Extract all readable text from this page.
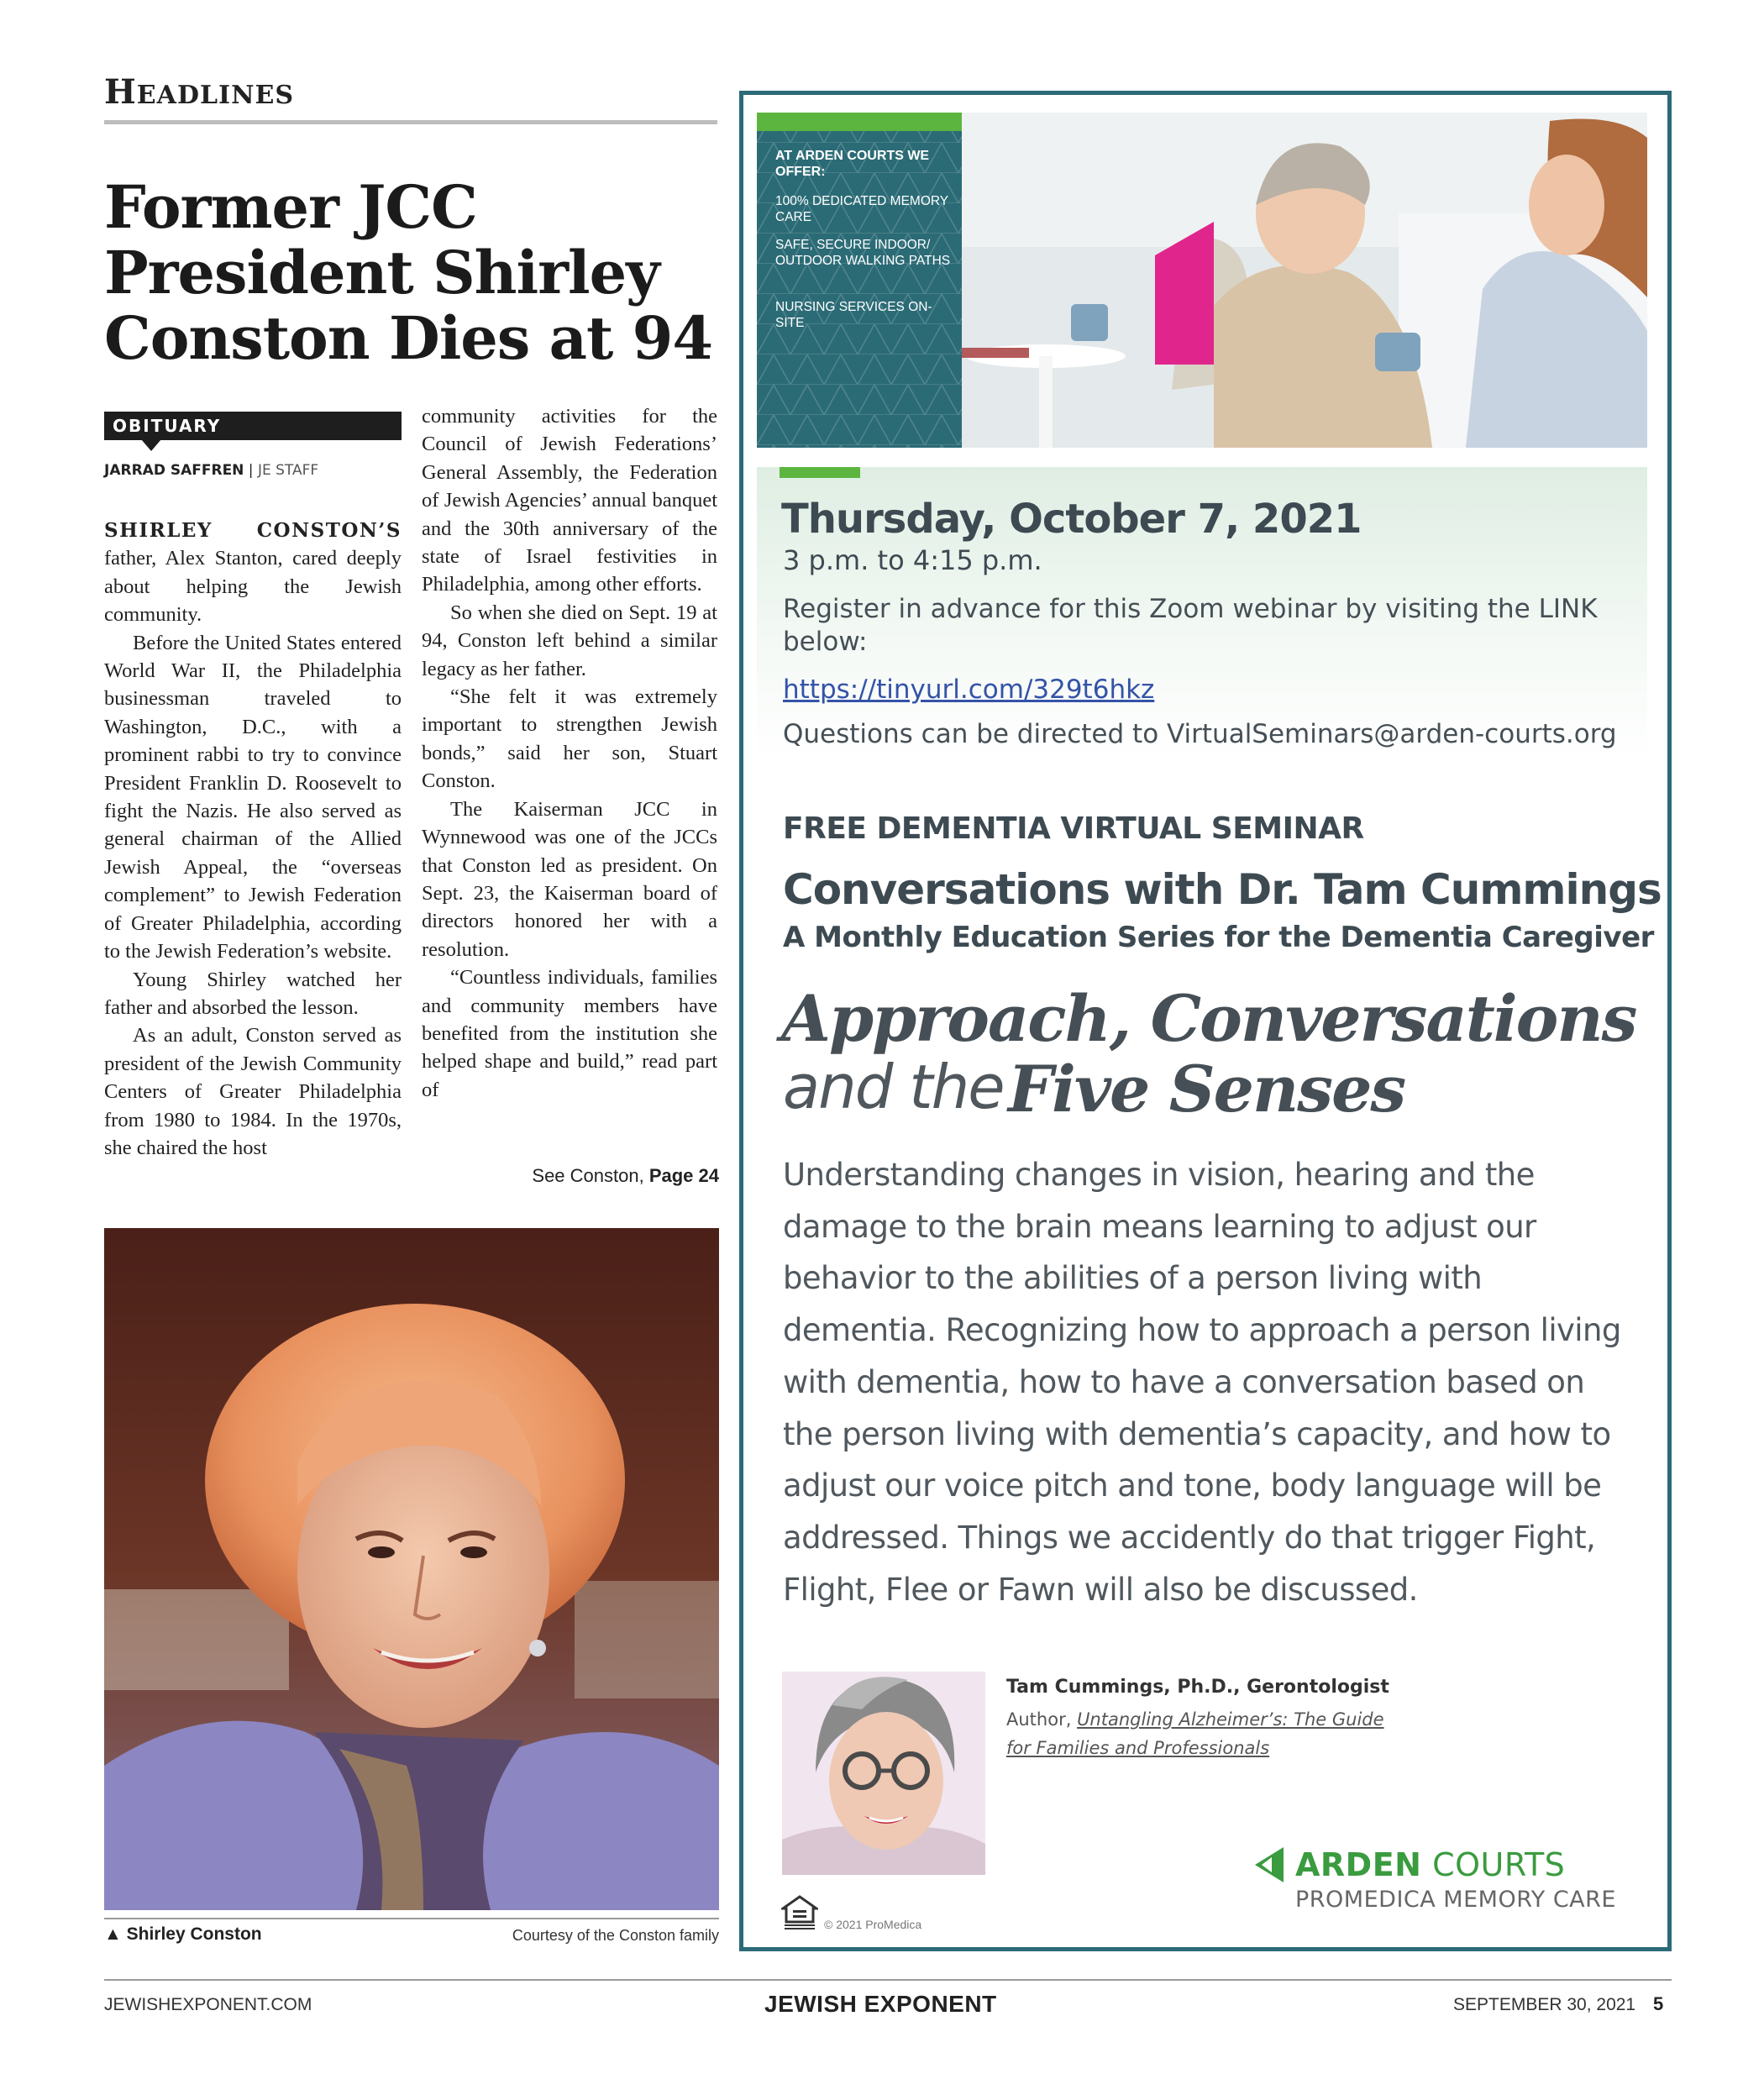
HEADLINES
Former JCC President Shirley Conston Dies at 94
OBITUARY
JARRAD SAFFREN | JE STAFF

SHIRLEY CONSTON’S father, Alex Stanton, cared deeply about helping the Jewish community.

Before the United States entered World War II, the Philadelphia businessman traveled to Washington, D.C., with a prominent rabbi to try to convince President Franklin D. Roosevelt to fight the Nazis. He also served as general chairman of the Allied Jewish Appeal, the “overseas complement” to Jewish Federation of Greater Philadelphia, according to the Jewish Federation’s website.

Young Shirley watched her father and absorbed the lesson.

As an adult, Conston served as president of the Jewish Community Centers of Greater Philadelphia from 1980 to 1984. In the 1970s, she chaired the host

community activities for the Council of Jewish Federations’ General Assembly, the Federation of Jewish Agencies’ annual banquet and the 30th anniversary of the state of Israel festivities in Philadelphia, among other efforts.

So when she died on Sept. 19 at 94, Conston left behind a similar legacy as her father.

“She felt it was extremely important to strengthen Jewish bonds,” said her son, Stuart Conston.

The Kaiserman JCC in Wynnewood was one of the JCCs that Conston led as president. On Sept. 23, the Kaiserman board of directors honored her with a resolution.

“Countless individuals, families and community members have benefited from the institution she helped shape and build,” read part of

See Conston, Page 24
▲ Shirley Conston	Courtesy of the Conston family
AT ARDEN COURTS WE OFFER:
100% DEDICATED MEMORY CARE
SAFE, SECURE INDOOR/ OUTDOOR WALKING PATHS
NURSING SERVICES ON-SITE
Thursday, October 7, 2021
3 p.m. to 4:15 p.m.
Register in advance for this Zoom webinar by visiting the LINK below:
https://tinyurl.com/329t6hkz
Questions can be directed to VirtualSeminars@arden-courts.org
FREE DEMENTIA VIRTUAL SEMINAR
Conversations with Dr. Tam Cummings
A Monthly Education Series for the Dementia Caregiver
Approach, Conversations
and the Five Senses
Understanding changes in vision, hearing and the damage to the brain means learning to adjust our behavior to the abilities of a person living with dementia. Recognizing how to approach a person living with dementia, how to have a conversation based on the person living with dementia’s capacity, and how to adjust our voice pitch and tone, body language will be addressed. Things we accidently do that trigger Fight, Flight, Flee or Fawn will also be discussed.
Tam Cummings, Ph.D., Gerontologist
Author, Untangling Alzheimer’s: The Guide for Families and Professionals
ARDEN COURTS
PROMEDICA MEMORY CARE
© 2021 ProMedica
JEWISHEXPONENT.COM	JEWISH EXPONENT	SEPTEMBER 30, 2021 5
